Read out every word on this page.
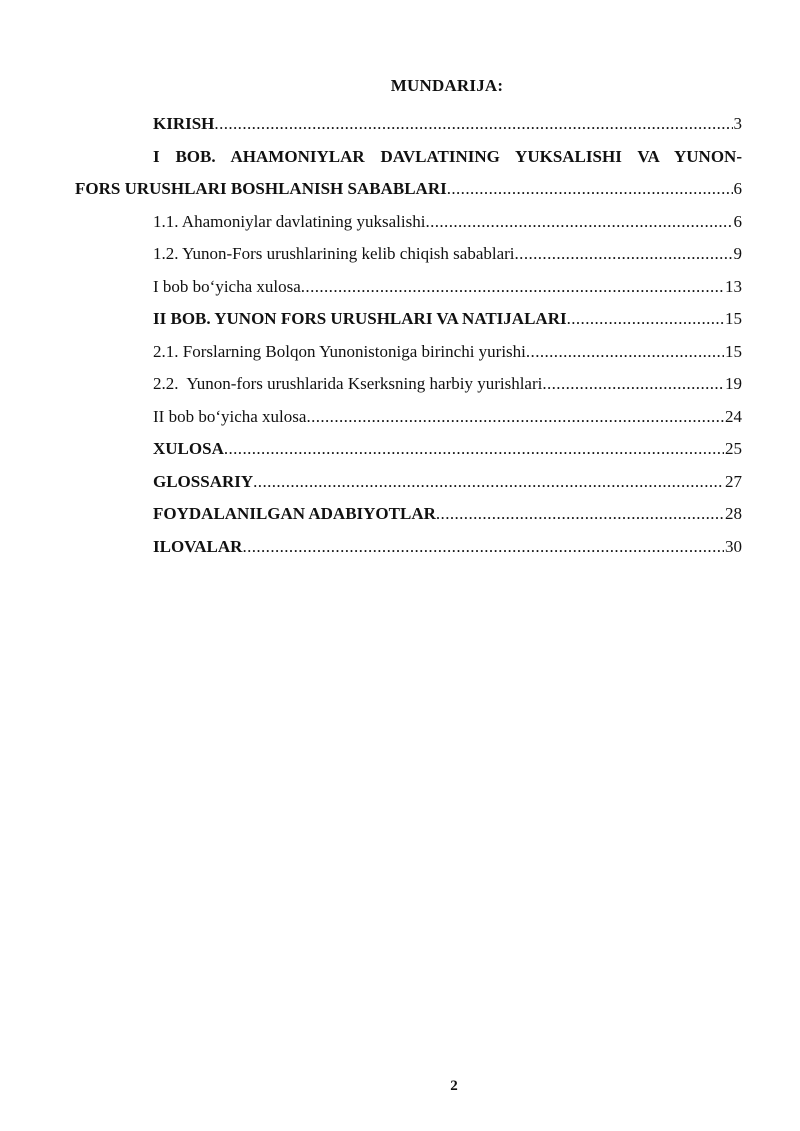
MUNDARIJA:
KIRISH .....	3
I BOB. AHAMONIYLAR DAVLATINING YUKSALISHI VA YUNON-
FORS URUSHLARI BOSHLANISH SABABLARI .....	6
1.1. Ahamoniylar davlatining yuksalishi .....	6
1.2. Yunon-Fors urushlarining kelib chiqish sabablari .....	9
I bob bo‘yicha xulosa .....	13
II BOB. YUNON FORS URUSHLARI VA NATIJALARI .....	15
2.1. Forslarning Bolqon Yunonistoniga birinchi yurishi .....	15
2.2.  Yunon-fors urushlarida Kserksning harbiy yurishlari .....	19
II bob bo‘yicha xulosa .....	24
XULOSA .....	25
GLOSSARIY .....	27
FOYDALANILGAN ADABIYOTLAR .....	28
ILOVALAR .....	30
2
